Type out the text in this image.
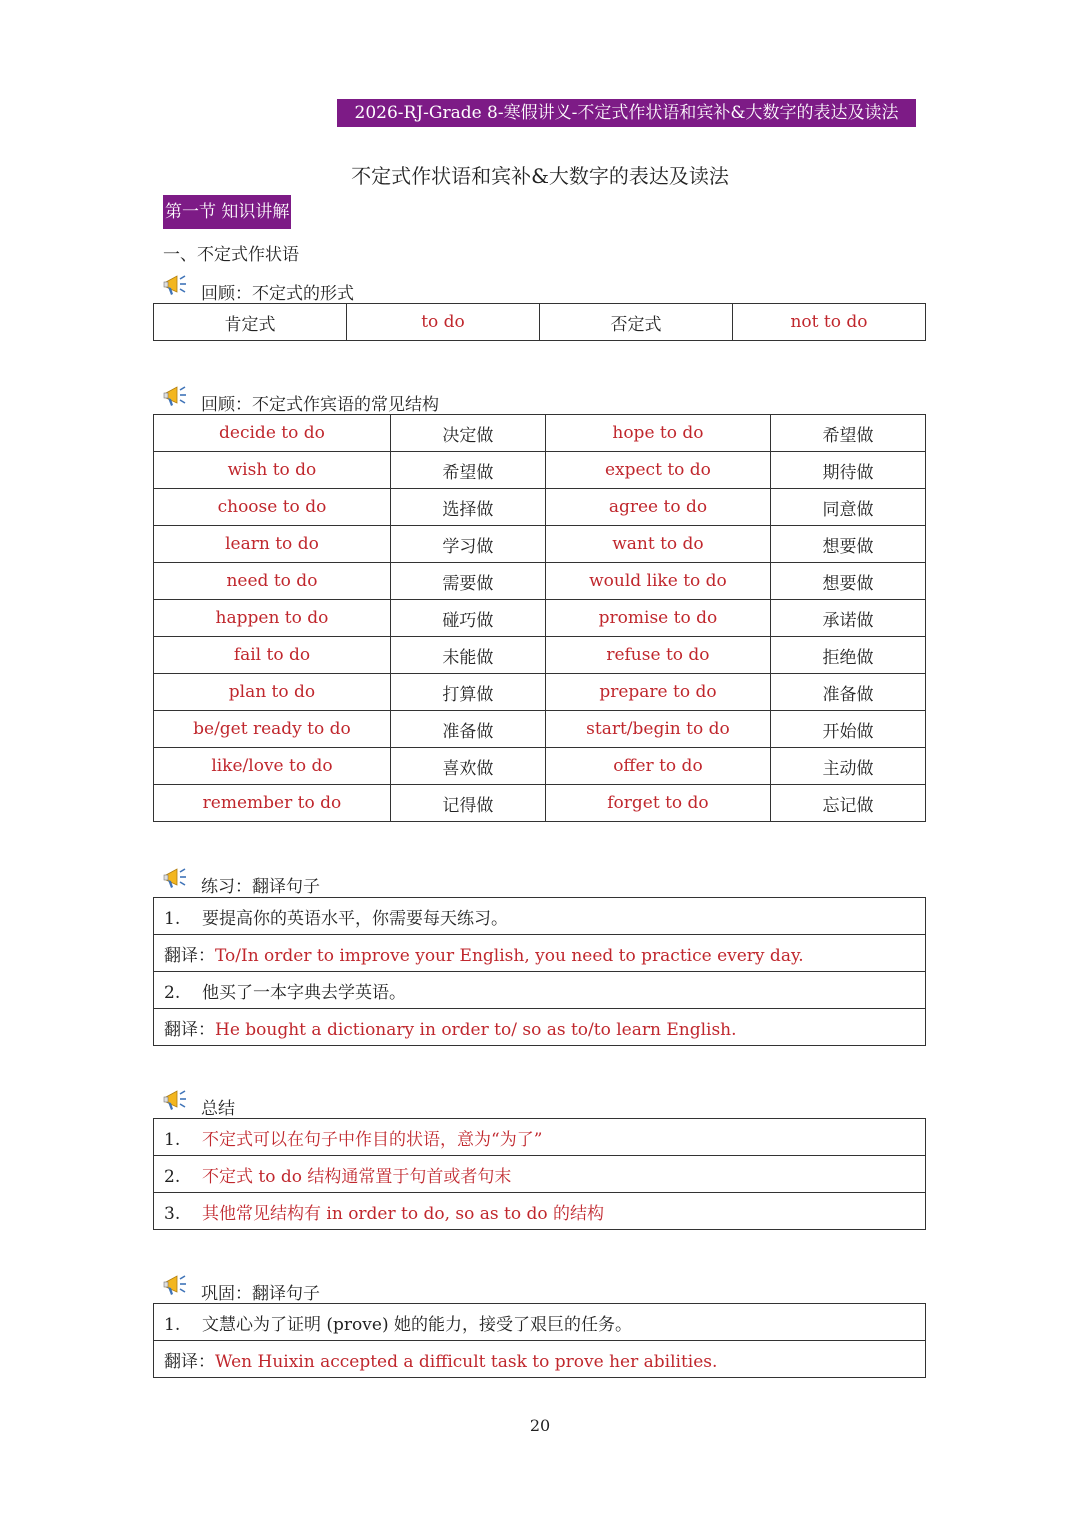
2026-RJ-Grade 8-寒假讲义-不定式作状语和宾补&大数字的表达及读法
不定式作状语和宾补&大数字的表达及读法
第一节 知识讲解
一、不定式作状语
回顾：不定式的形式
肯定式	to do	否定式	not to do
回顾：不定式作宾语的常见结构
decide to do	决定做	hope to do	希望做
wish to do	希望做	expect to do	期待做
choose to do	选择做	agree to do	同意做
learn to do	学习做	want to do	想要做
need to do	需要做	would like to do	想要做
happen to do	碰巧做	promise to do	承诺做
fail to do	未能做	refuse to do	拒绝做
plan to do	打算做	prepare to do	准备做
be/get ready to do	准备做	start/begin to do	开始做
like/love to do	喜欢做	offer to do	主动做
remember to do	记得做	forget to do	忘记做
练习：翻译句子
1. 要提高你的英语水平，你需要每天练习。
翻译：To/In order to improve your English, you need to practice every day.
2. 他买了一本字典去学英语。
翻译：He bought a dictionary in order to/ so as to/to learn English.
总结
1. 不定式可以在句子中作目的状语，意为“为了”
2. 不定式 to do 结构通常置于句首或者句末
3. 其他常见结构有 in order to do, so as to do 的结构
巩固：翻译句子
1. 文慧心为了证明 (prove) 她的能力，接受了艰巨的任务。
翻译：Wen Huixin accepted a difficult task to prove her abilities.
20
